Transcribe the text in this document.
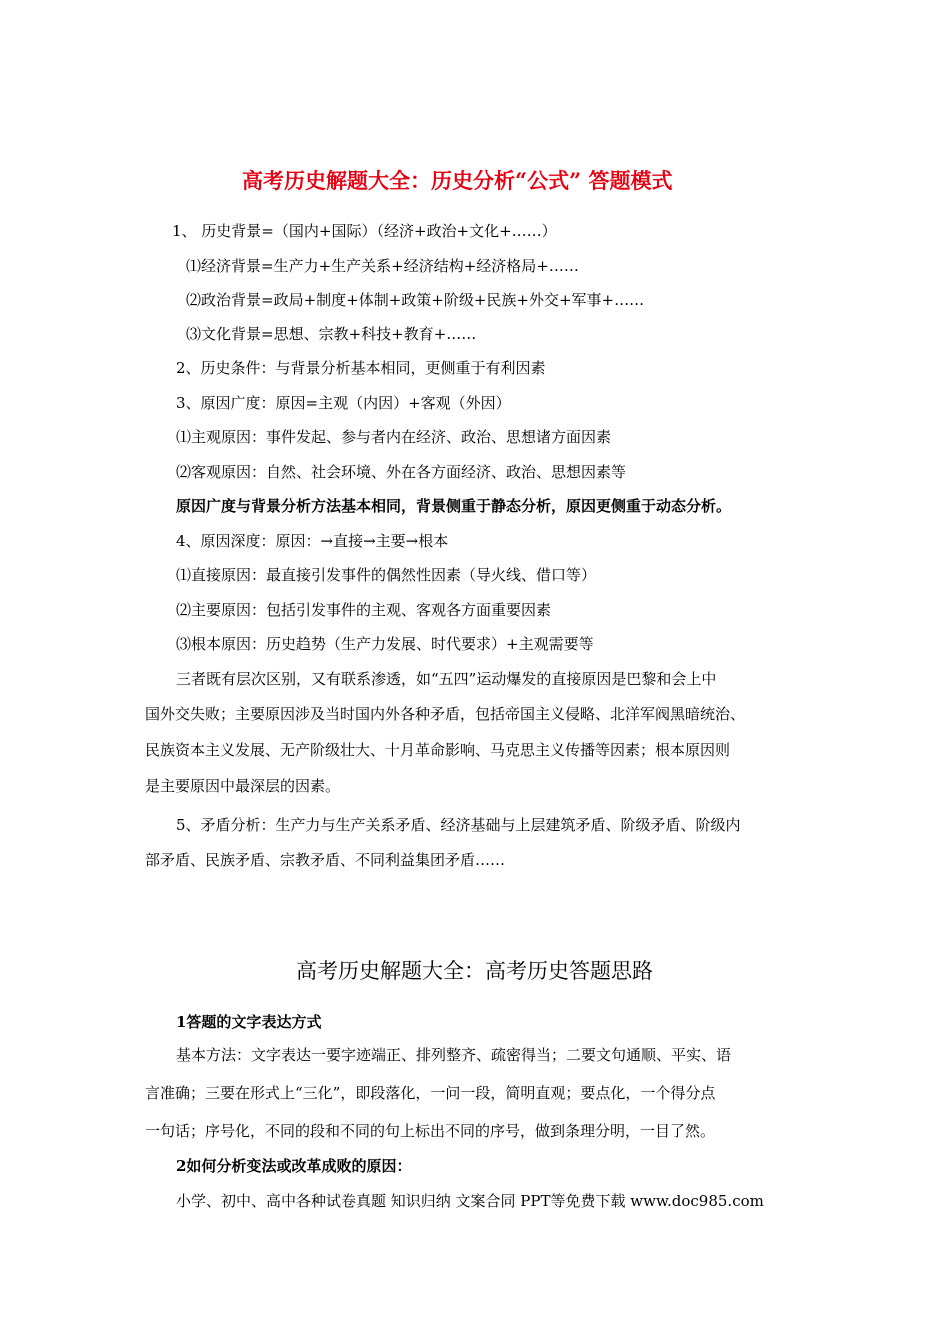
高考历史解题大全：历史分析“公式” 答题模式

1、 历史背景=（国内+国际）（经济+政治+文化+……）

⑴经济背景=生产力+生产关系+经济结构+经济格局+……

⑵政治背景=政局+制度+体制+政策+阶级+民族+外交+军事+……

⑶文化背景=思想、宗教+科技+教育+……

2、历史条件：与背景分析基本相同，更侧重于有利因素

3、原因广度：原因=主观（内因）+客观（外因）

⑴主观原因：事件发起、参与者内在经济、政治、思想诸方面因素

⑵客观原因：自然、社会环境、外在各方面经济、政治、思想因素等

原因广度与背景分析方法基本相同，背景侧重于静态分析，原因更侧重于动态分析。

4、原因深度：原因：→直接→主要→根本

⑴直接原因：最直接引发事件的偶然性因素（导火线、借口等）

⑵主要原因：包括引发事件的主观、客观各方面重要因素

⑶根本原因：历史趋势（生产力发展、时代要求）+主观需要等

三者既有层次区别，又有联系渗透，如“五四”运动爆发的直接原因是巴黎和会上中

国外交失败；主要原因涉及当时国内外各种矛盾，包括帝国主义侵略、北洋军阀黑暗统治、

民族资本主义发展、无产阶级壮大、十月革命影响、马克思主义传播等因素；根本原因则

是主要原因中最深层的因素。

5、矛盾分析：生产力与生产关系矛盾、经济基础与上层建筑矛盾、阶级矛盾、阶级内

部矛盾、民族矛盾、宗教矛盾、不同利益集团矛盾……

高考历史解题大全：高考历史答题思路

1答题的文字表达方式

基本方法：文字表达一要字迹端正、排列整齐、疏密得当；二要文句通顺、平实、语

言准确；三要在形式上“三化”，即段落化，一问一段，简明直观；要点化，一个得分点

一句话；序号化，不同的段和不同的句上标出不同的序号，做到条理分明，一目了然。

2如何分析变法或改革成败的原因：

小学、初中、高中各种试卷真题 知识归纳 文案合同 PPT等免费下载 www.doc985.com
